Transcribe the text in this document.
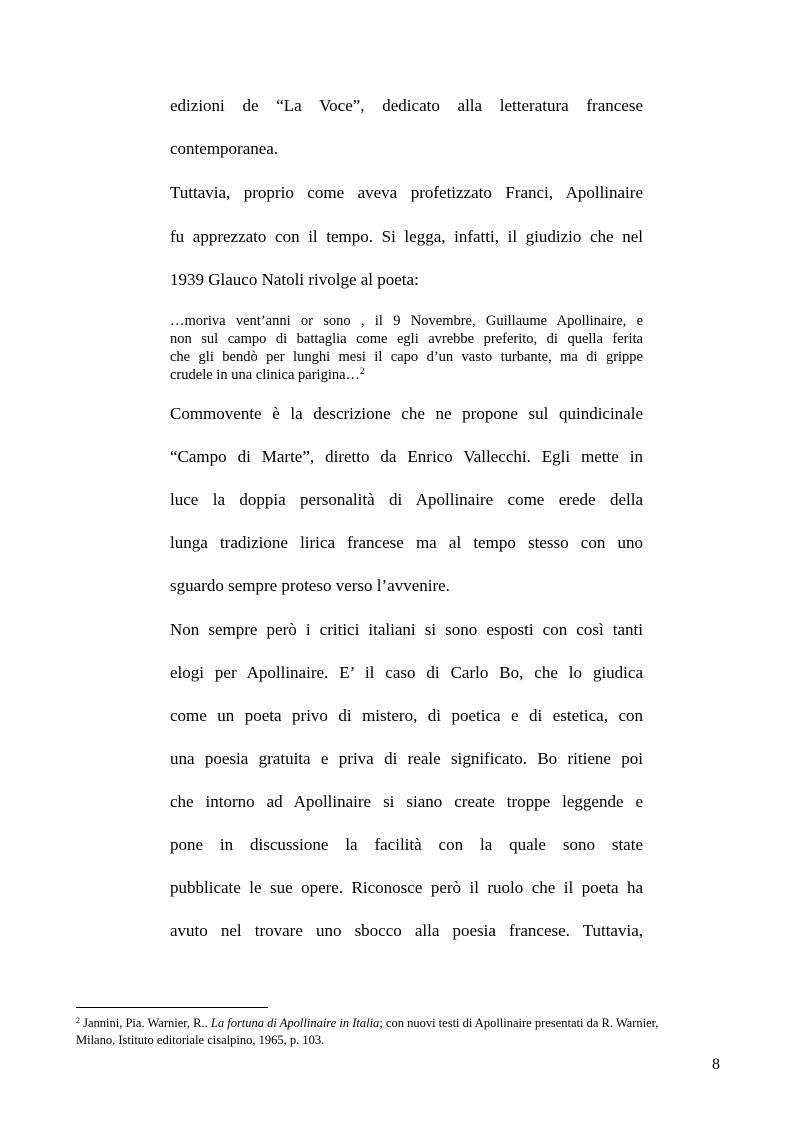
edizioni de “La Voce”, dedicato alla letteratura francese
contemporanea.
Tuttavia, proprio come aveva profetizzato Franci, Apollinaire
fu apprezzato con il tempo. Si legga, infatti, il giudizio che nel
1939 Glauco Natoli rivolge al poeta:
…moriva vent’anni or sono , il 9 Novembre, Guillaume Apollinaire, e
non sul campo di battaglia come egli avrebbe preferito, di quella ferita
che gli bendò per lunghi mesi il capo d’un vasto turbante, ma di grippe
crudele in una clinica parigina…$^2$
Commovente è la descrizione che ne propone sul quindicinale
“Campo di Marte”, diretto da Enrico Vallecchi. Egli mette in
luce la doppia personalità di Apollinaire come erede della
lunga tradizione lirica francese ma al tempo stesso con uno
sguardo sempre proteso verso l’avvenire.
Non sempre però i critici italiani si sono esposti con così tanti
elogi per Apollinaire. E’ il caso di Carlo Bo, che lo giudica
come un poeta privo di mistero, di poetica e di estetica, con
una poesia gratuita e priva di reale significato. Bo ritiene poi
che intorno ad Apollinaire si siano create troppe leggende e
pone in discussione la facilità con la quale sono state
pubblicate le sue opere. Riconosce però il ruolo che il poeta ha
avuto nel trovare uno sbocco alla poesia francese. Tuttavia,
$^2$ Jannini, Pia. Warnier, R.. La fortuna di Apollinaire in Italia; con nuovi testi di Apollinaire presentati da R. Warnier,
Milano, Istituto editoriale cisalpino, 1965, p. 103.
8
